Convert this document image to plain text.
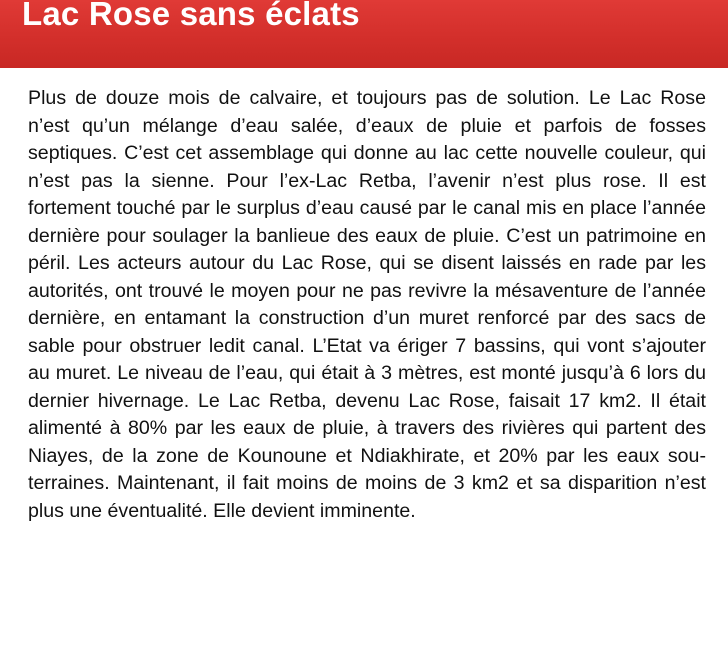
Lac Rose sans éclats

Plus de douze mois de calvaire, et toujours pas de solution. Le Lac Rose n’est qu’un mélange d’eau salée, d’eaux de pluie et parfois de fosses septiques. C’est cet assemblage qui donne au lac cette nouvelle couleur, qui n’est pas la sienne. Pour l’ex-Lac Retba, l’avenir n’est plus rose. Il est fortement touché par le surplus d’eau causé par le canal mis en place l’année dernière pour soulager la banlieue des eaux de pluie. C’est un patrimoine en péril. Les acteurs autour du Lac Rose, qui se disent laissés en rade par les autorités, ont trouvé le moyen pour ne pas revivre la mésaventure de l’année dernière, en entamant la construction d’un muret renforcé par des sacs de sable pour obstruer ledit canal. L’Etat va ériger 7 bassins, qui vont s’ajouter au muret. Le niveau de l’eau, qui était à 3 mètres, est monté jusqu’à 6 lors du dernier hivernage. Le Lac Retba, devenu Lac Rose, faisait 17 km2. Il était alimenté à 80% par les eaux de pluie, à travers des rivières qui partent des Niayes, de la zone de Kounoune et Ndiakhirate, et 20% par les eaux souterraines. Maintenant, il fait moins de moins de 3 km2 et sa disparition n’est plus une éventualité. Elle devient imminente.
